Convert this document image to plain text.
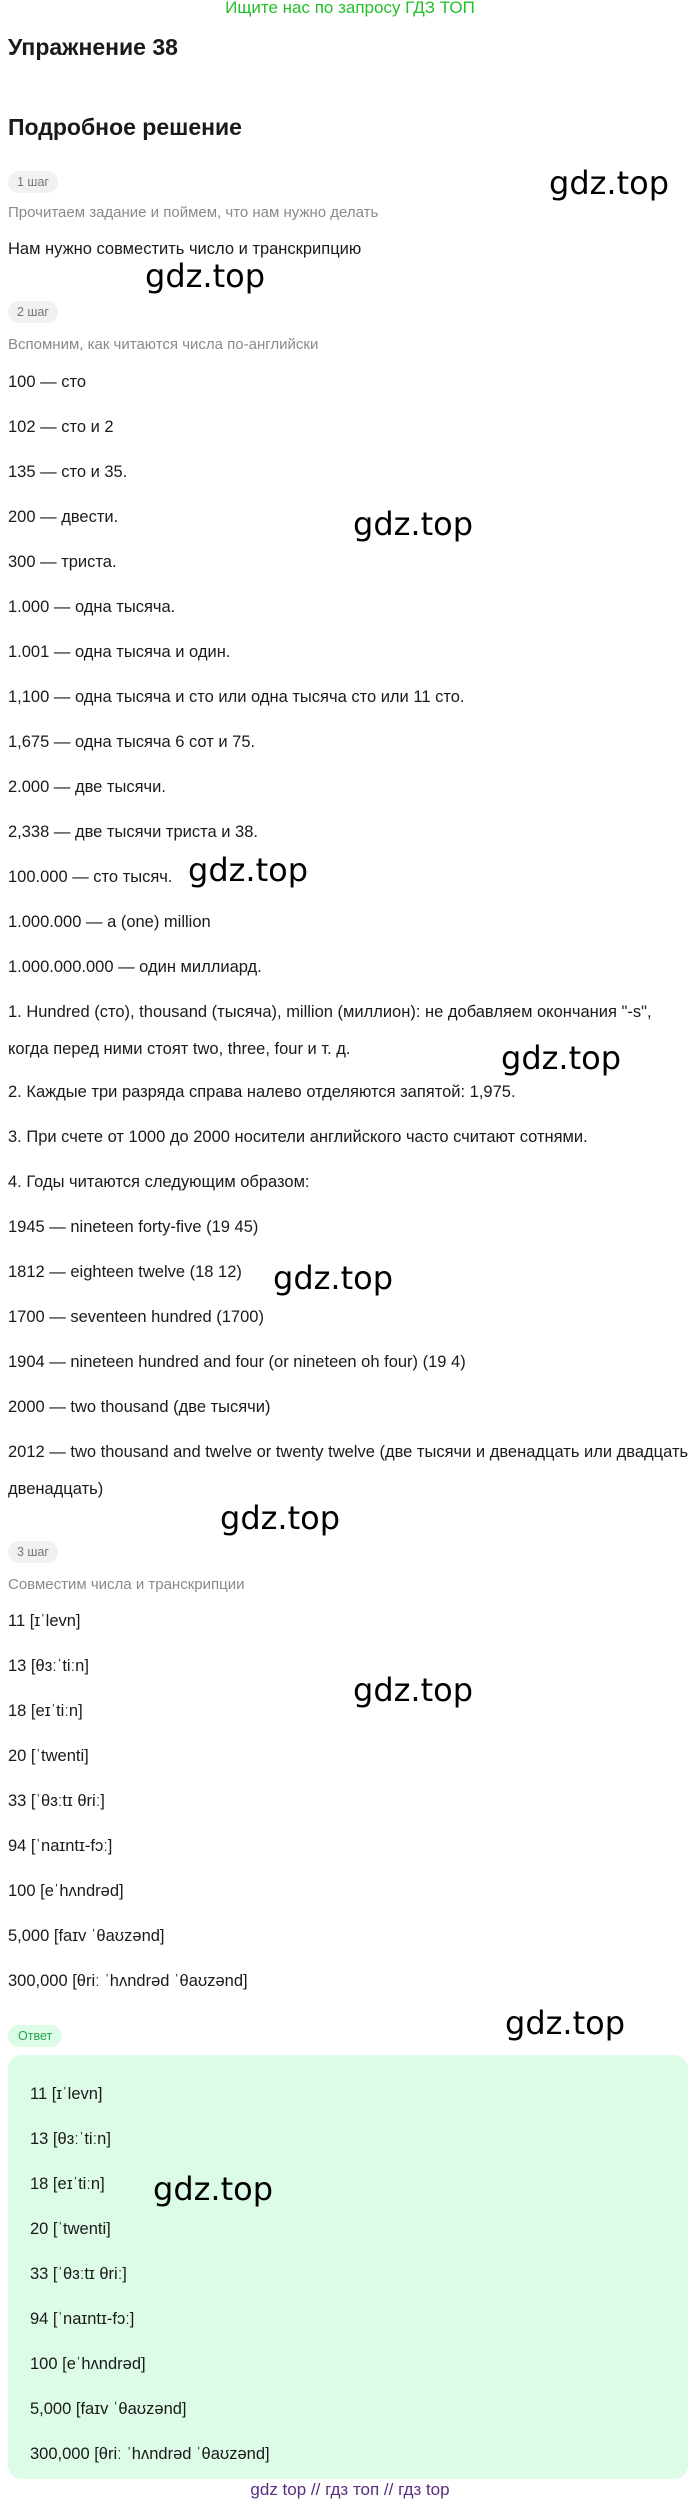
Ищите нас по запросу ГДЗ ТОП
Упражнение 38
Подробное решение
1 шаг
Прочитаем задание и поймем, что нам нужно делать
Нам нужно совместить число и транскрипцию
2 шаг
Вспомним, как читаются числа по-английски
100 — сто
102 — сто и 2
135 — сто и 35.
200 — двести.
300 — триста.
1.000 — одна тысяча.
1.001 — одна тысяча и один.
1,100 — одна тысяча и сто или одна тысяча сто или 11 сто.
1,675 — одна тысяча 6 сот и 75.
2.000 — две тысячи.
2,338 — две тысячи триста и 38.
100.000 — сто тысяч.
1.000.000 — a (one) million
1.000.000.000 — один миллиард.

1. Hundred (сто), thousand (тысяча), million (миллион): не добавляем окончания "-s", когда перед ними стоят two, three, four и т. д.

2. Каждые три разряда справа налево отделяются запятой: 1,975.
3. При счете от 1000 до 2000 носители английского часто считают сотнями.
4. Годы читаются следующим образом:
1945 — nineteen forty-five (19 45)
1812 — eighteen twelve (18 12)
1700 — seventeen hundred (1700)
1904 — nineteen hundred and four (or nineteen oh four) (19 4)
2000 — two thousand (две тысячи)

2012 — two thousand and twelve or twenty twelve (две тысячи и двенадцать или двадцать двенадцать)

3 шаг
Совместим числа и транскрипции
11 [ɪˈlevn]
13 [θɜːˈtiːn]
18 [eɪˈtiːn]
20 [ˈtwenti]
33 [ˈθɜːtɪ θriː]
94 [ˈnaɪntɪ-fɔː]
100 [eˈhʌndrəd]
5,000 [faɪv ˈθaʊzənd]
300,000 [θriː ˈhʌndrəd ˈθaʊzənd]
Ответ
11 [ɪˈlevn]
13 [θɜːˈtiːn]
18 [eɪˈtiːn]
20 [ˈtwenti]
33 [ˈθɜːtɪ θriː]
94 [ˈnaɪntɪ-fɔː]
100 [eˈhʌndrəd]
5,000 [faɪv ˈθaʊzənd]
300,000 [θriː ˈhʌndrəd ˈθaʊzənd]
gdz.top
gdz.top
gdz.top
gdz.top
gdz.top
gdz.top
gdz.top
gdz.top
gdz.top
gdz.top
gdz top // гдз топ // гдз top
